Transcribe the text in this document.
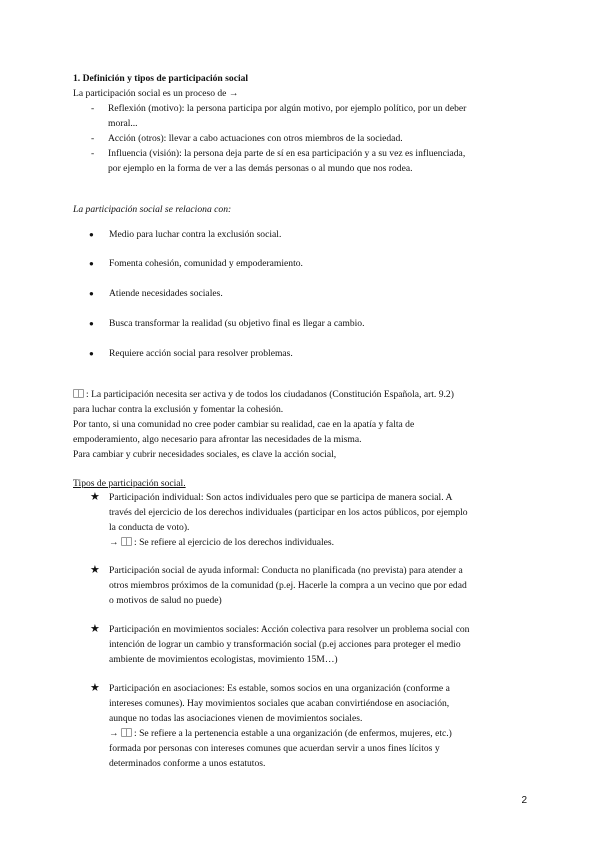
1. Definición y tipos de participación social
La participación social es un proceso de →
- Reflexión (motivo): la persona participa por algún motivo, por ejemplo político, por un deber
moral...
- Acción (otros): llevar a cabo actuaciones con otros miembros de la sociedad.
- Influencia (visión): la persona deja parte de sí en esa participación y a su vez es influenciada,
por ejemplo en la forma de ver a las demás personas o al mundo que nos rodea.
La participación social se relaciona con:
● Medio para luchar contra la exclusión social.
● Fomenta cohesión, comunidad y empoderamiento.
● Atiende necesidades sociales.
● Busca transformar la realidad (su objetivo final es llegar a cambio.
● Requiere acción social para resolver problemas.
: La participación necesita ser activa y de todos los ciudadanos (Constitución Española, art. 9.2)
para luchar contra la exclusión y fomentar la cohesión.
Por tanto, si una comunidad no cree poder cambiar su realidad, cae en la apatía y falta de
empoderamiento, algo necesario para afrontar las necesidades de la misma.
Para cambiar y cubrir necesidades sociales, es clave la acción social,
Tipos de participación social.
★ Participación individual: Son actos individuales pero que se participa de manera social. A
través del ejercicio de los derechos individuales (participar en los actos públicos, por ejemplo
la conducta de voto).
→ : Se refiere al ejercicio de los derechos individuales.
★ Participación social de ayuda informal: Conducta no planificada (no prevista) para atender a
otros miembros próximos de la comunidad (p.ej. Hacerle la compra a un vecino que por edad
o motivos de salud no puede)
★ Participación en movimientos sociales: Acción colectiva para resolver un problema social con
intención de lograr un cambio y transformación social (p.ej acciones para proteger el medio
ambiente de movimientos ecologistas, movimiento 15M…)
★ Participación en asociaciones: Es estable, somos socios en una organización (conforme a
intereses comunes). Hay movimientos sociales que acaban convirtiéndose en asociación,
aunque no todas las asociaciones vienen de movimientos sociales.
→ : Se refiere a la pertenencia estable a una organización (de enfermos, mujeres, etc.)
formada por personas con intereses comunes que acuerdan servir a unos fines lícitos y
determinados conforme a unos estatutos.
2
